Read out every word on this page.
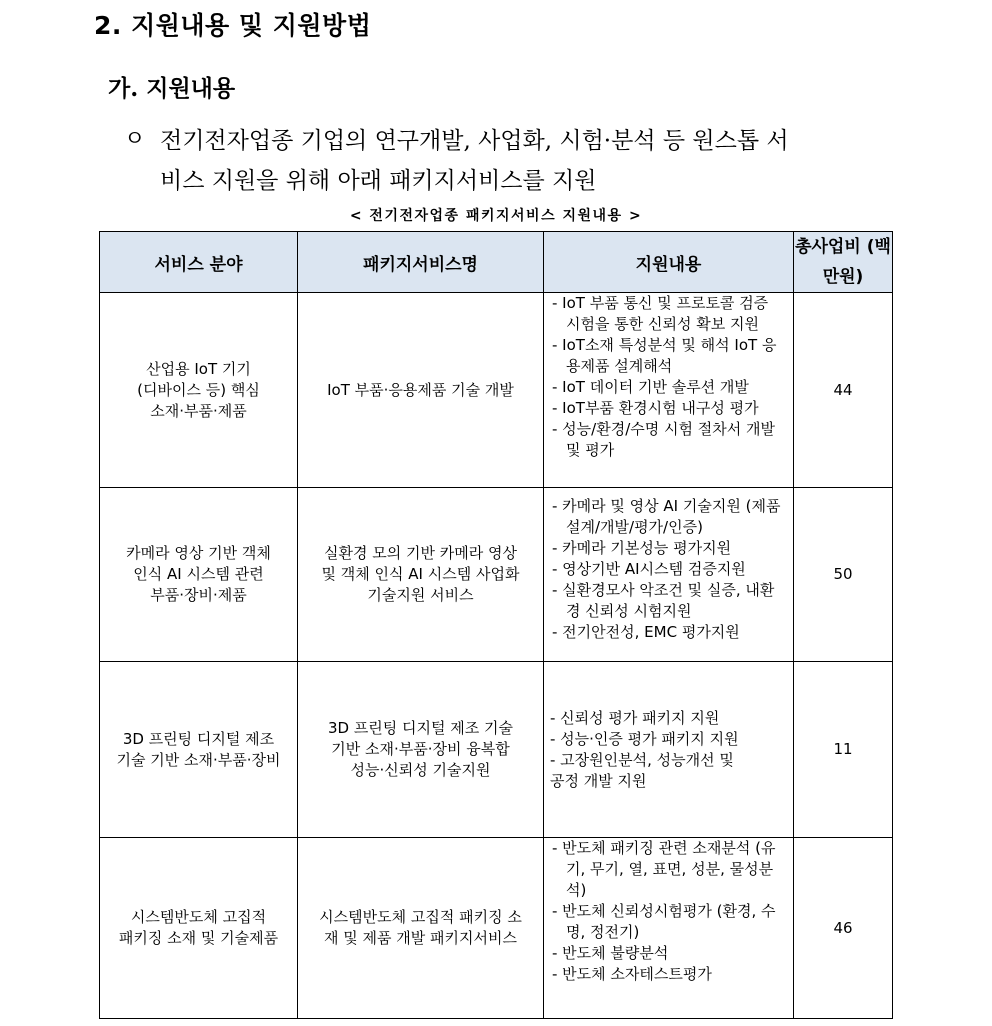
2. 지원내용 및 지원방법
가. 지원내용
ㅇ 전기전자업종 기업의 연구개발, 사업화, 시험·분석 등 원스톱 서
비스 지원을 위해 아래 패키지서비스를 지원
< 전기전자업종 패키지서비스 지원내용 >
서비스 분야	패키지서비스명	지원내용	총사업비 (백만원)

산업용 IoT 기기
(디바이스 등) 핵심
소재·부품·제품	IoT 부품·응용제품 기술 개발	- IoT 부품 통신 및 프로토콜 검증 시험을 통한 신뢰성 확보 지원
- IoT소재 특성분석 및 해석 IoT 응용제품 설계해석
- IoT 데이터 기반 솔루션 개발
- IoT부품 환경시험 내구성 평가
- 성능/환경/수명 시험 절차서 개발 및 평가	44

카메라 영상 기반 객체
인식 AI 시스템 관련
부품·장비·제품	실환경 모의 기반 카메라 영상
및 객체 인식 AI 시스템 사업화
기술지원 서비스	- 카메라 및 영상 AI 기술지원 (제품설계/개발/평가/인증)
- 카메라 기본성능 평가지원
- 영상기반 AI시스템 검증지원
- 실환경모사 악조건 및 실증, 내환경 신뢰성 시험지원
- 전기안전성, EMC 평가지원	50

3D 프린팅 디지털 제조
기술 기반 소재·부품·장비	3D 프린팅 디지털 제조 기술
기반 소재·부품·장비 융복합
성능·신뢰성 기술지원	- 신뢰성 평가 패키지 지원
- 성능·인증 평가 패키지 지원
- 고장원인분석, 성능개선 및
공정 개발 지원	11

시스템반도체 고집적
패키징 소재 및 기술제품	시스템반도체 고집적 패키징 소
재 및 제품 개발 패키지서비스	- 반도체 패키징 관련 소재분석 (유기, 무기, 열, 표면, 성분, 물성분석)
- 반도체 신뢰성시험평가 (환경, 수명, 정전기)
- 반도체 불량분석
- 반도체 소자테스트평가	46
